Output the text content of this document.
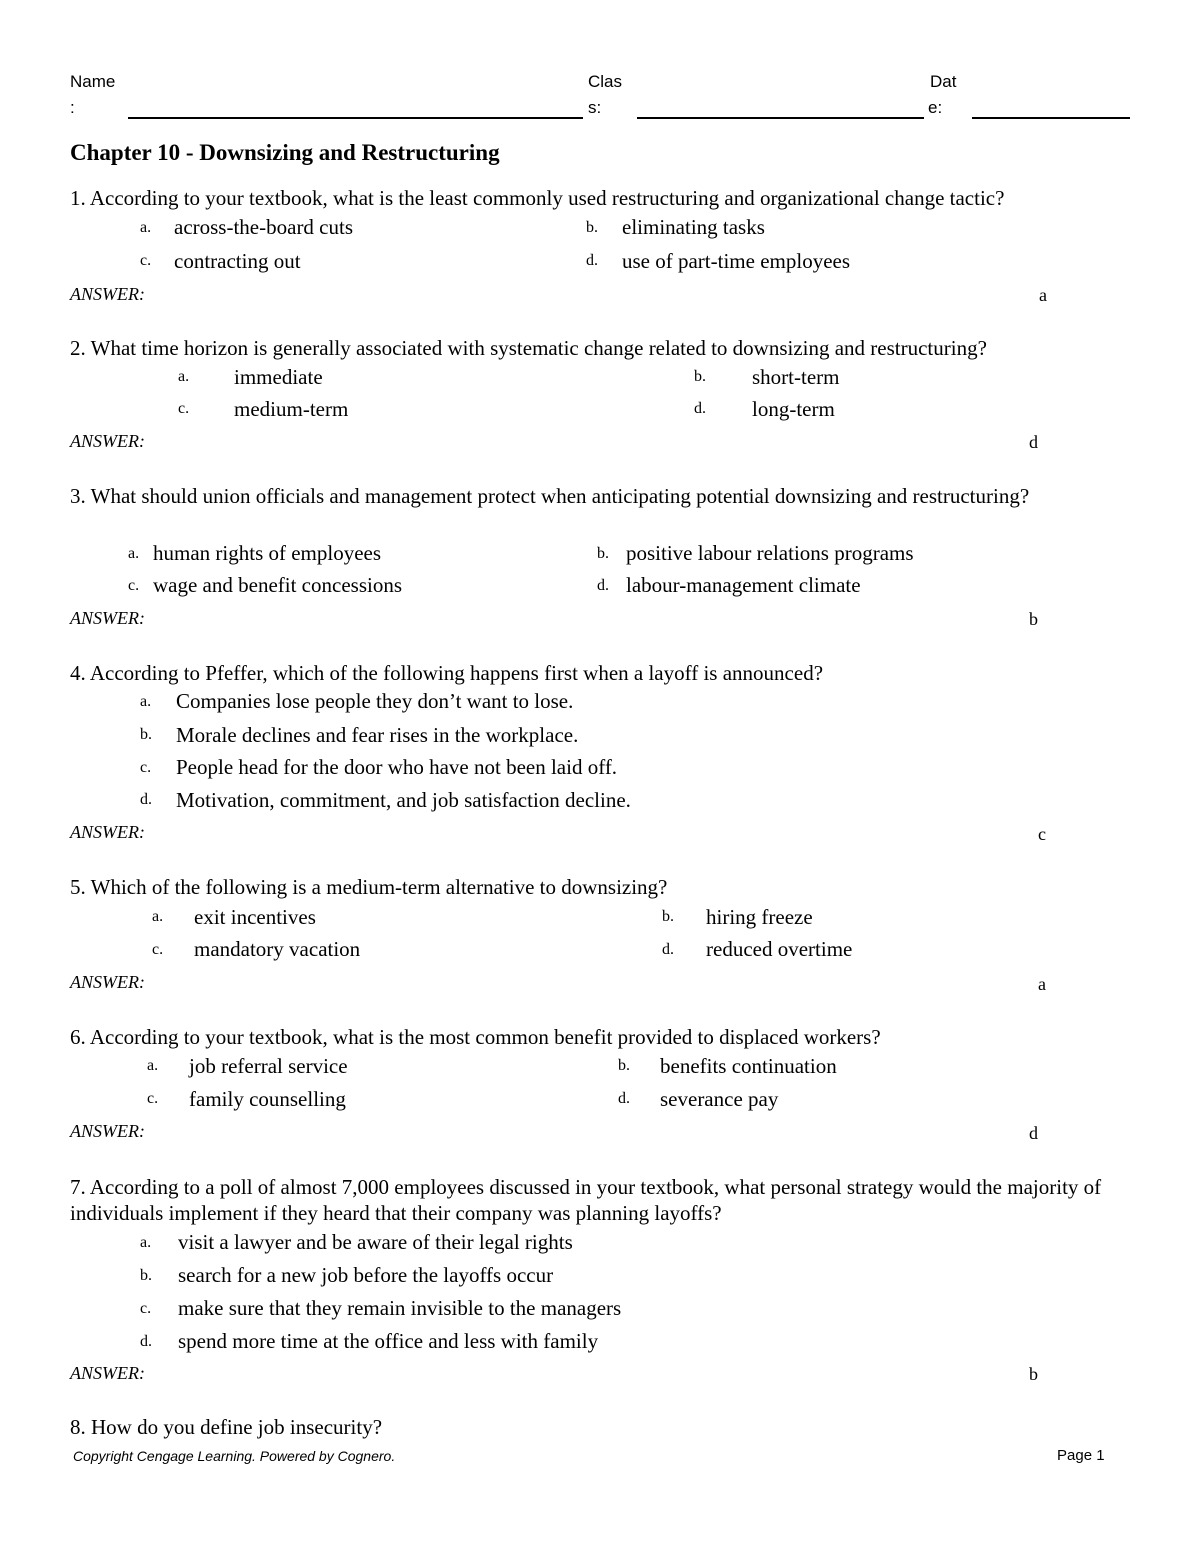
Name
:
Clas
s:
Dat
e:
Chapter 10 - Downsizing and Restructuring
1. According to your textbook, what is the least commonly used restructuring and organizational change tactic?
a. across-the-board cuts	b. eliminating tasks
c. contracting out	d. use of part-time employees
ANSWER:	a
2. What time horizon is generally associated with systematic change related to downsizing and restructuring?
a. immediate	b. short-term
c. medium-term	d. long-term
ANSWER:	d
3. What should union officials and management protect when anticipating potential downsizing and restructuring?
a. human rights of employees	b. positive labour relations programs
c. wage and benefit concessions	d. labour-management climate
ANSWER:	b
4. According to Pfeffer, which of the following happens first when a layoff is announced?
a. Companies lose people they don’t want to lose.
b. Morale declines and fear rises in the workplace.
c. People head for the door who have not been laid off.
d. Motivation, commitment, and job satisfaction decline.
ANSWER:	c
5. Which of the following is a medium-term alternative to downsizing?
a. exit incentives	b. hiring freeze
c. mandatory vacation	d. reduced overtime
ANSWER:	a
6. According to your textbook, what is the most common benefit provided to displaced workers?
a. job referral service	b. benefits continuation
c. family counselling	d. severance pay
ANSWER:	d
7. According to a poll of almost 7,000 employees discussed in your textbook, what personal strategy would the majority of individuals implement if they heard that their company was planning layoffs?
a. visit a lawyer and be aware of their legal rights
b. search for a new job before the layoffs occur
c. make sure that they remain invisible to the managers
d. spend more time at the office and less with family
ANSWER:	b
8. How do you define job insecurity?
Copyright Cengage Learning. Powered by Cognero.	Page 1
